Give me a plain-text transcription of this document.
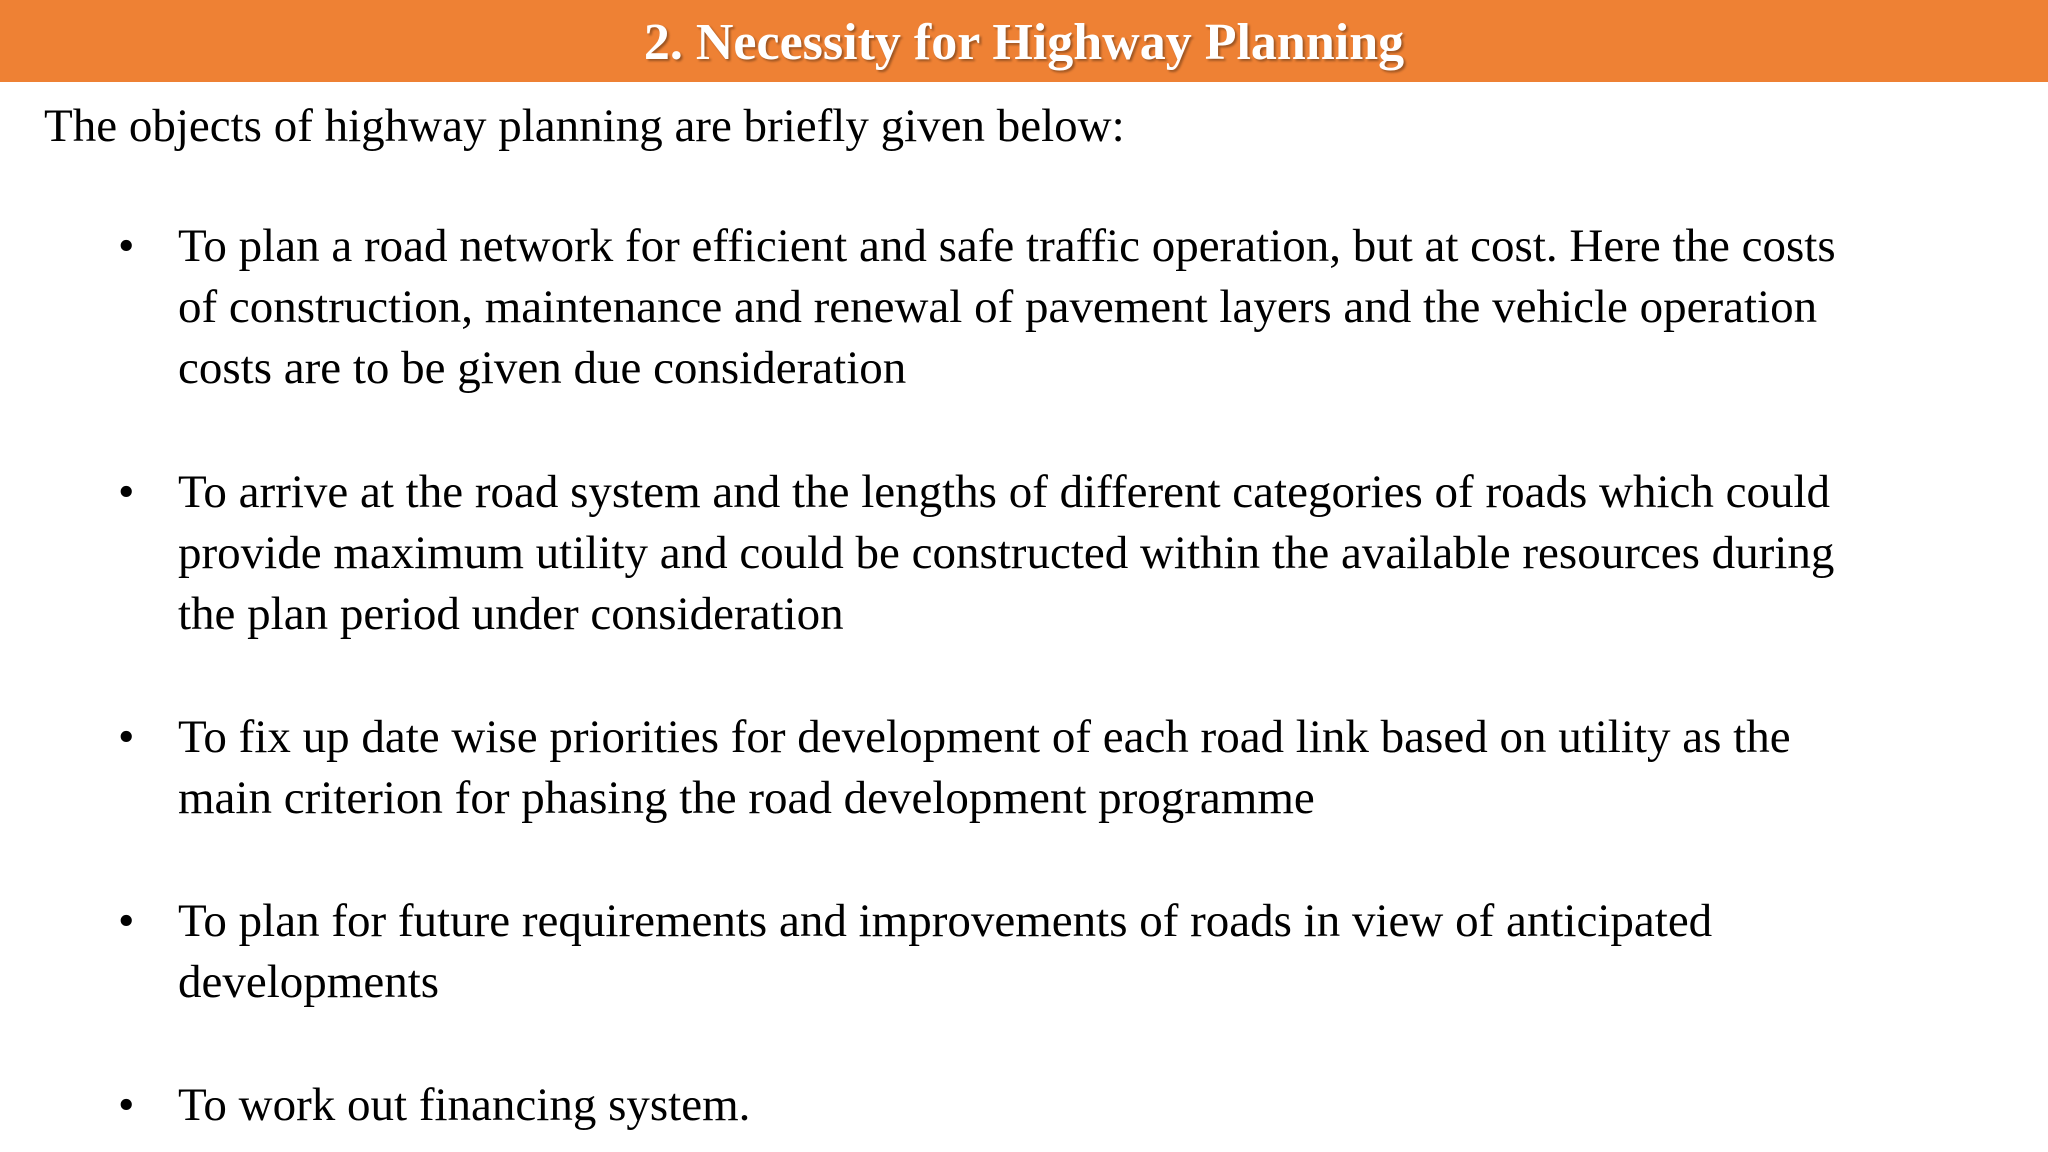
2. Necessity for Highway Planning
The objects of highway planning are briefly given below:
• To plan a road network for efficient and safe traffic operation, but at cost. Here the costs
of construction, maintenance and renewal of pavement layers and the vehicle operation
costs are to be given due consideration
• To arrive at the road system and the lengths of different categories of roads which could
provide maximum utility and could be constructed within the available resources during
the plan period under consideration
• To fix up date wise priorities for development of each road link based on utility as the
main criterion for phasing the road development programme
• To plan for future requirements and improvements of roads in view of anticipated
developments
• To work out financing system.
